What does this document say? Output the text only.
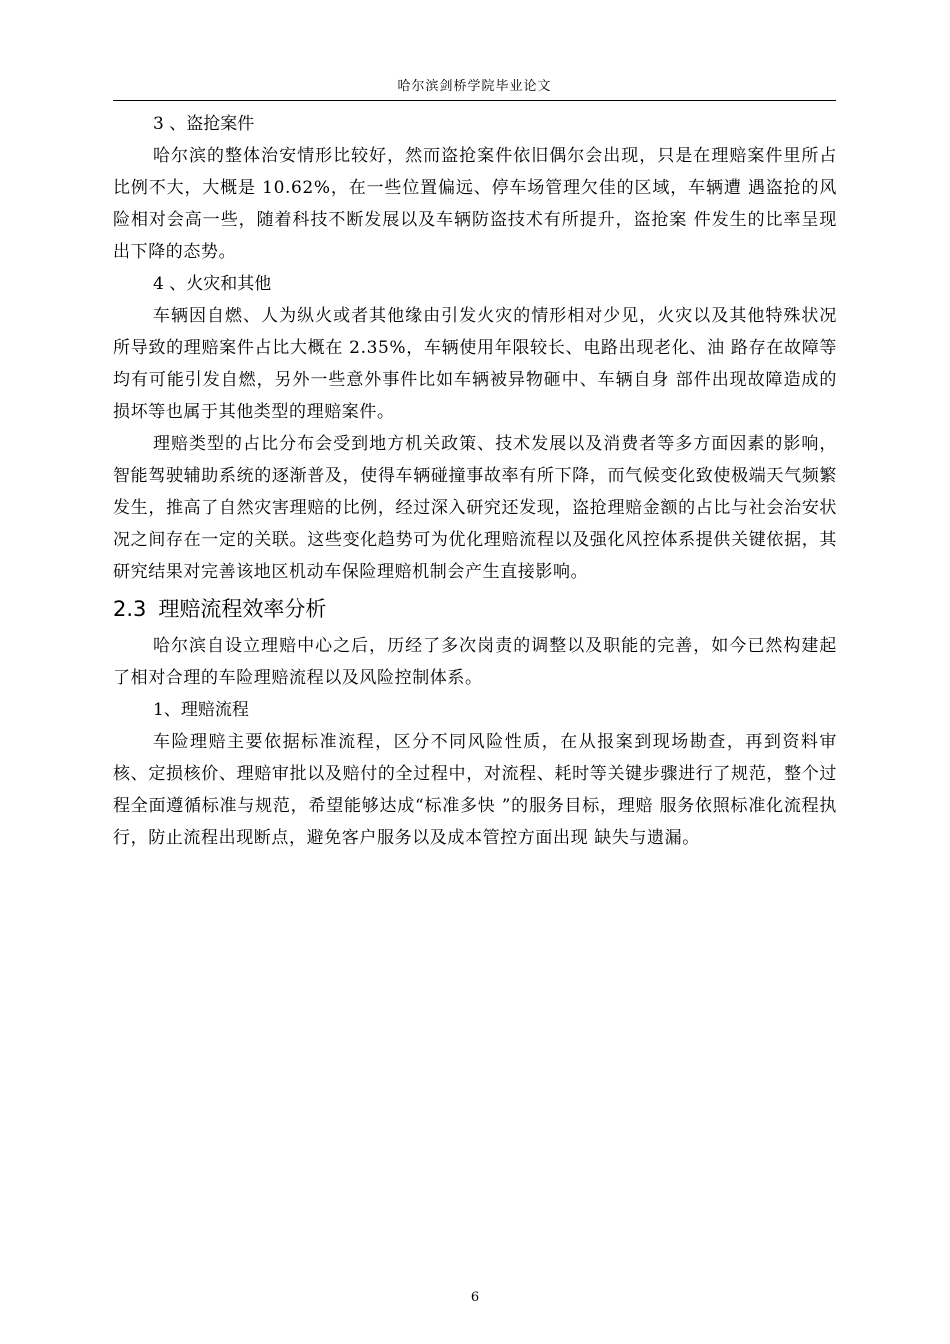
哈尔滨剑桥学院毕业论文

3 、盗抢案件

哈尔滨的整体治安情形比较好，然而盗抢案件依旧偶尔会出现，只是在理赔案件里所占比例不大，大概是 10.62%，在一些位置偏远、停车场管理欠佳的区域，车辆遭 遇盗抢的风险相对会高一些，随着科技不断发展以及车辆防盗技术有所提升，盗抢案 件发生的比率呈现出下降的态势。

4 、火灾和其他

车辆因自燃、人为纵火或者其他缘由引发火灾的情形相对少见，火灾以及其他特殊状况所导致的理赔案件占比大概在 2.35%，车辆使用年限较长、电路出现老化、油 路存在故障等均有可能引发自燃，另外一些意外事件比如车辆被异物砸中、车辆自身 部件出现故障造成的损坏等也属于其他类型的理赔案件。

理赔类型的占比分布会受到地方机关政策、技术发展以及消费者等多方面因素的影响，智能驾驶辅助系统的逐渐普及，使得车辆碰撞事故率有所下降，而气候变化致使极端天气频繁发生，推高了自然灾害理赔的比例，经过深入研究还发现，盗抢理赔金额的占比与社会治安状况之间存在一定的关联。这些变化趋势可为优化理赔流程以及强化风控体系提供关键依据，其研究结果对完善该地区机动车保险理赔机制会产生直接影响。

2.3 理赔流程效率分析

哈尔滨自设立理赔中心之后，历经了多次岗责的调整以及职能的完善，如今已然构建起了相对合理的车险理赔流程以及风险控制体系。

1、理赔流程

车险理赔主要依据标准流程，区分不同风险性质，在从报案到现场勘查，再到资料审核、定损核价、理赔审批以及赔付的全过程中，对流程、耗时等关键步骤进行了规范，整个过程全面遵循标准与规范，希望能够达成“标准多快 ”的服务目标，理赔 服务依照标准化流程执行，防止流程出现断点，避免客户服务以及成本管控方面出现 缺失与遗漏。

6
